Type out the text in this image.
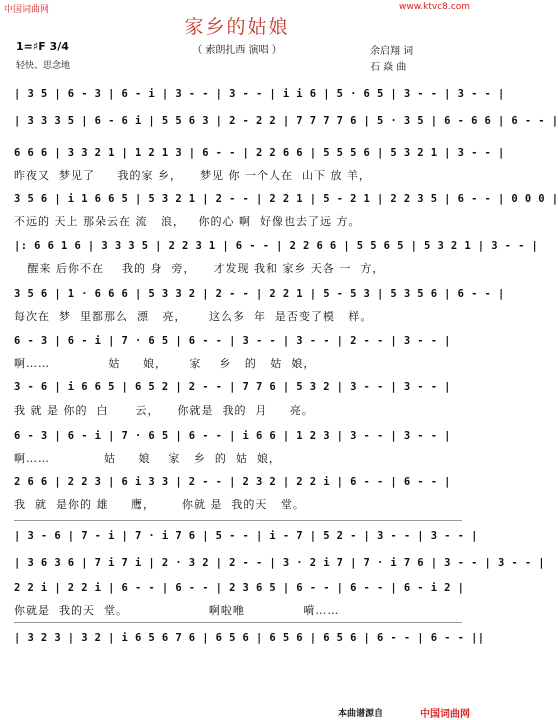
中国词曲网	www.ktvc8.com
家乡的姑娘
（ 索朗扎西 演唱 ）
1=♯F 3/4
轻快、思念地
余启翔 词
石 焱 曲
| 3 5 | 6 - 3 | 6 - i | 3 - - | 3 - - | i i 6 | 5 · 6 5 | 3 - - | 3 - - |
| 3 3 3 5 | 6 - 6 i | 5 5 6 3 | 2 - 2 2 | 7 7 7 7 6 | 5 · 3 5 | 6 - 6 6 | 6 - - |
6 6 6 | 3 3 2 1 | 1 2 1 3 | 6 - - | 2 2 6 6 | 5 5 5 6 | 5 3 2 1 | 3 - - |
昨夜又  梦见了     我的家 乡，    梦见 你 一个人在  山下 放 羊，
3 5 6 | i 1 6 6 5 | 5 3 2 1 | 2 - - | 2 2 1 | 5 - 2 1 | 2 2 3 5 | 6 - - | 0 0 0 |
不远的 天上 那朵云在 流   浪，   你的心 啊  好像也去了远 方。
|: 6 6 1 6 | 3 3 3 5 | 2 2 3 1 | 6 - - | 2 2 6 6 | 5 5 6 5 | 5 3 2 1 | 3 - - |
醒来 后你不在    我的 身  旁，    才发现 我和 家乡 天各 一  方，
3 5 6 | 1 · 6 6 6 | 5 3 3 2 | 2 - - | 2 2 1 | 5 - 5 3 | 5 3 5 6 | 6 - - |
每次在  梦  里都那么  漂   亮，     这么多  年  是否变了模   样。
6 - 3 | 6 - i | 7 · 6 5 | 6 - - | 3 - - | 3 - - | 2 - - | 3 - - |
啊……             姑     娘，     家    乡   的   姑  娘，
3 - 6 | i 6 6 5 | 6 5 2 | 2 - - | 7 7 6 | 5 3 2 | 3 - - | 3 - - |
我 就 是 你的  白      云，    你就是  我的  月     亮。
6 - 3 | 6 - i | 7 · 6 5 | 6 - - | i 6 6 | 1 2 3 | 3 - - | 3 - - |
啊……            姑     娘    家   乡  的  姑  娘，
2 6 6 | 2 2 3 | 6 i 3 3 | 2 - - | 2 3 2 | 2 2 i | 6 - - | 6 - - |
我  就  是你的 雄     鹰，      你就 是  我的天   堂。
| 3 - 6 | 7 - i | 7 · i 7 6 | 5 - - | i - 7 | 5 2 - | 3 - - | 3 - - |
| 3 6 3 6 | 7 i 7 i | 2 · 3 2 | 2 - - | 3 · 2 i 7 | 7 · i 7 6 | 3 - - | 3 - - |
2 2 i | 2 2 i | 6 - - | 6 - - | 2 3 6 5 | 6 - - | 6 - - | 6 - i 2 |
你就是  我的天  堂。                  啊啦咃             嗬……
| 3 2 3 | 3 2 | i 6 5 6 7 6 | 6 5 6 | 6 5 6 | 6 5 6 | 6 - - | 6 - - ||
本曲谱源自	中国词曲网
